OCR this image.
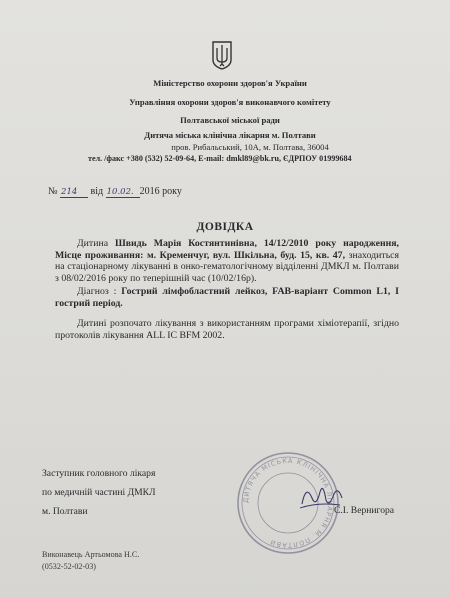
Міністерство охорони здоров'я України
Управління охорони здоров'я виконавчого комітету
Полтавської міської ради
Дитяча міська клінічна лікарня м. Полтави
пров. Рибальський, 10А, м. Полтава, 36004
тел. /факс +380 (532) 52-09-64, E-mail: dmkl89@bk.ru, ЄДРПОУ 01999684
№ 214 від 10.02. 2016 року
ДОВІДКА
Дитина Швидь Марія Костянтинівна, 14/12/2010 року народження, Місце проживання: м. Кременчуг, вул. Шкільна, буд. 15, кв. 47, знаходиться на стаціонарному лікуванні в онко-гематологічному відділенні ДМКЛ м. Полтави з 08/02/2016 року по теперішній час (10/02/16р).
Діагноз : Гострий лімфобластний лейкоз, FAB-варіант Common L1, I гострий період.
Дитині розпочато лікування з використанням програми хіміотерапії, згідно протоколів лікування ALL IC BFM 2002.
Заступник головного лікаря
по медичній частині ДМКЛ
м. Полтави
ДИТЯЧА МІСЬКА КЛІНІЧНА ЛІКАРНЯ М. ПОЛТАВИ
С.І. Вернигора
Виконавець Артьомова Н.С.
(0532-52-02-03)
